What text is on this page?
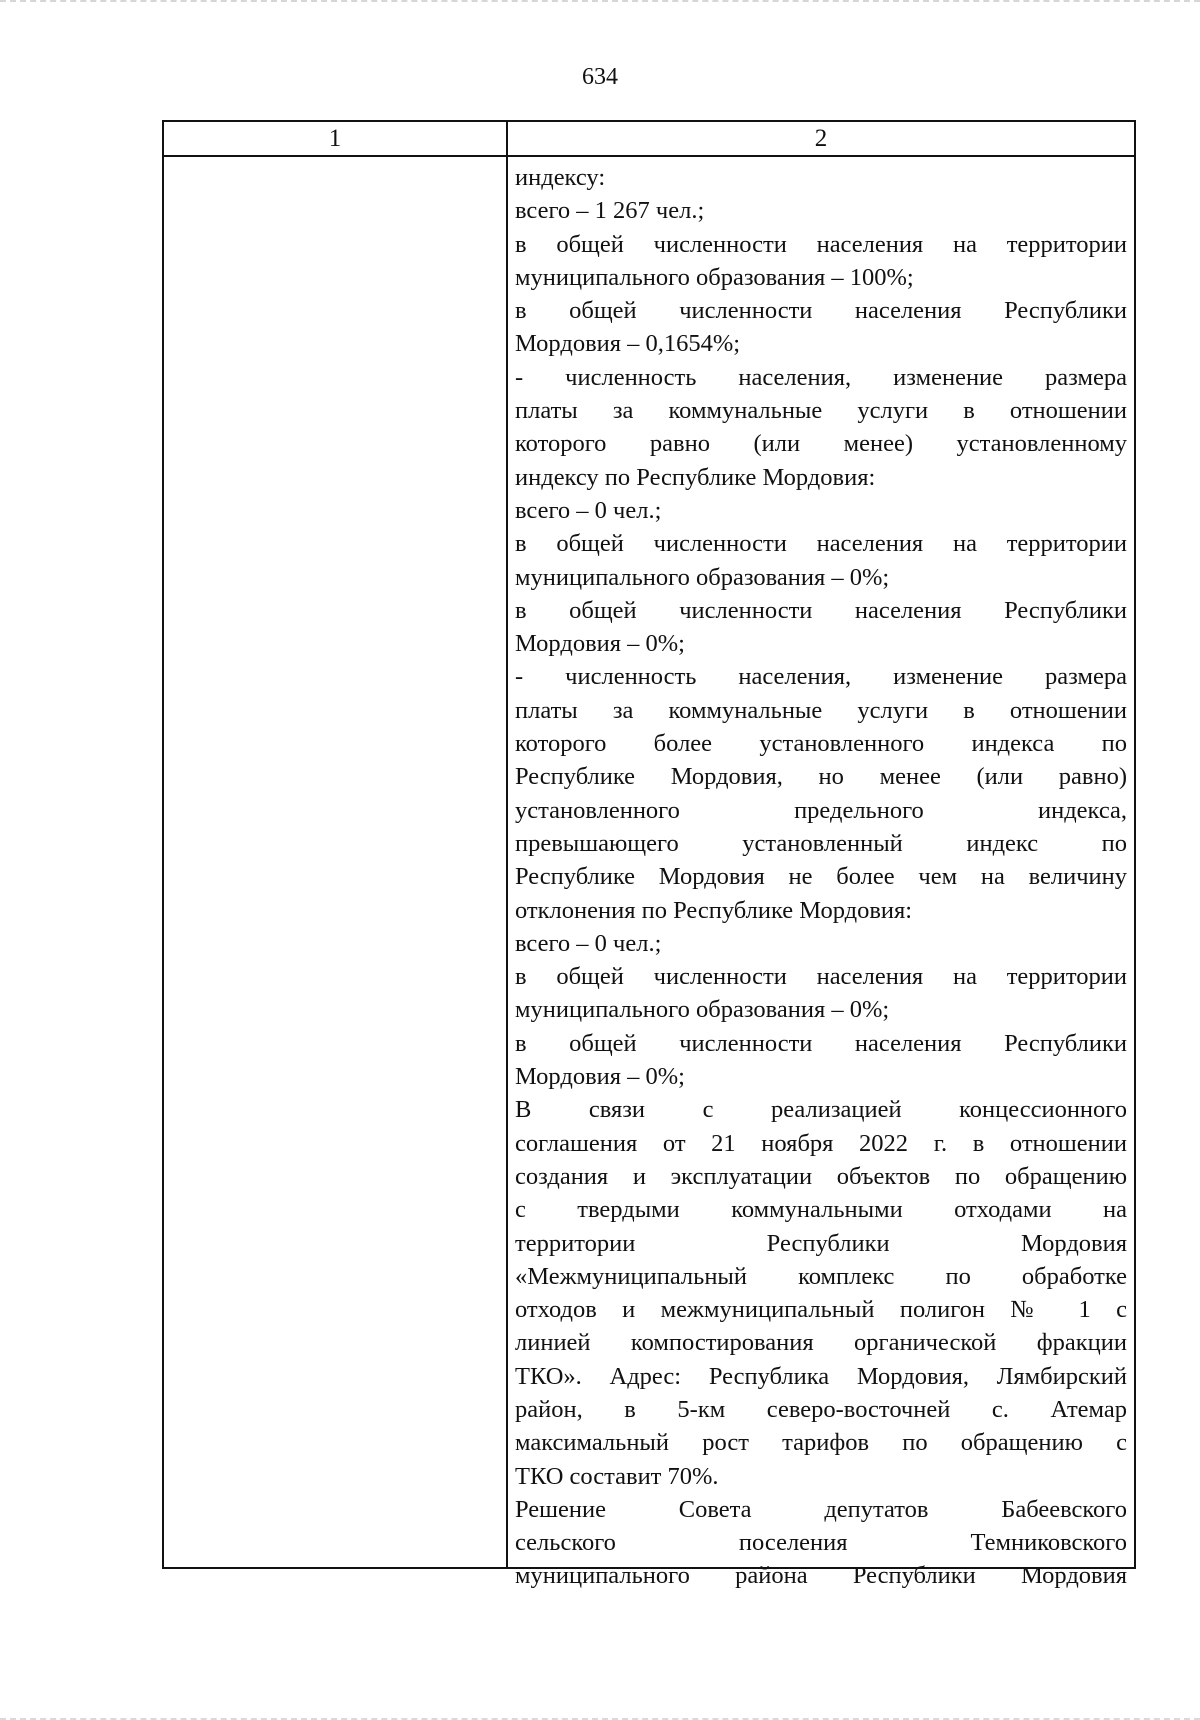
634
1	2
индексу:
всего – 1 267 чел.;
в общей численности населения на территории
муниципального образования – 100%;
в общей численности населения Республики
Мордовия – 0,1654%;
- численность населения, изменение размера
платы за коммунальные услуги в отношении
которого равно (или менее) установленному
индексу по Республике Мордовия:
всего – 0 чел.;
в общей численности населения на территории
муниципального образования – 0%;
в общей численности населения Республики
Мордовия – 0%;
- численность населения, изменение размера
платы за коммунальные услуги в отношении
которого более установленного индекса по
Республике Мордовия, но менее (или равно)
установленного предельного индекса,
превышающего установленный индекс по
Республике Мордовия не более чем на величину
отклонения по Республике Мордовия:
всего – 0 чел.;
в общей численности населения на территории
муниципального образования – 0%;
в общей численности населения Республики
Мордовия – 0%;
В связи с реализацией концессионного
соглашения от 21 ноября 2022 г. в отношении
создания и эксплуатации объектов по обращению
с твердыми коммунальными отходами на
территории Республики Мордовия
«Межмуниципальный комплекс по обработке
отходов и межмуниципальный полигон № 1 с
линией компостирования органической фракции
ТКО». Адрес: Республика Мордовия, Лямбирский
район, в 5-км северо-восточней с. Атемар
максимальный рост тарифов по обращению с
ТКО составит 70%.
Решение Совета депутатов Бабеевского
сельского поселения Темниковского
муниципального района Республики Мордовия
